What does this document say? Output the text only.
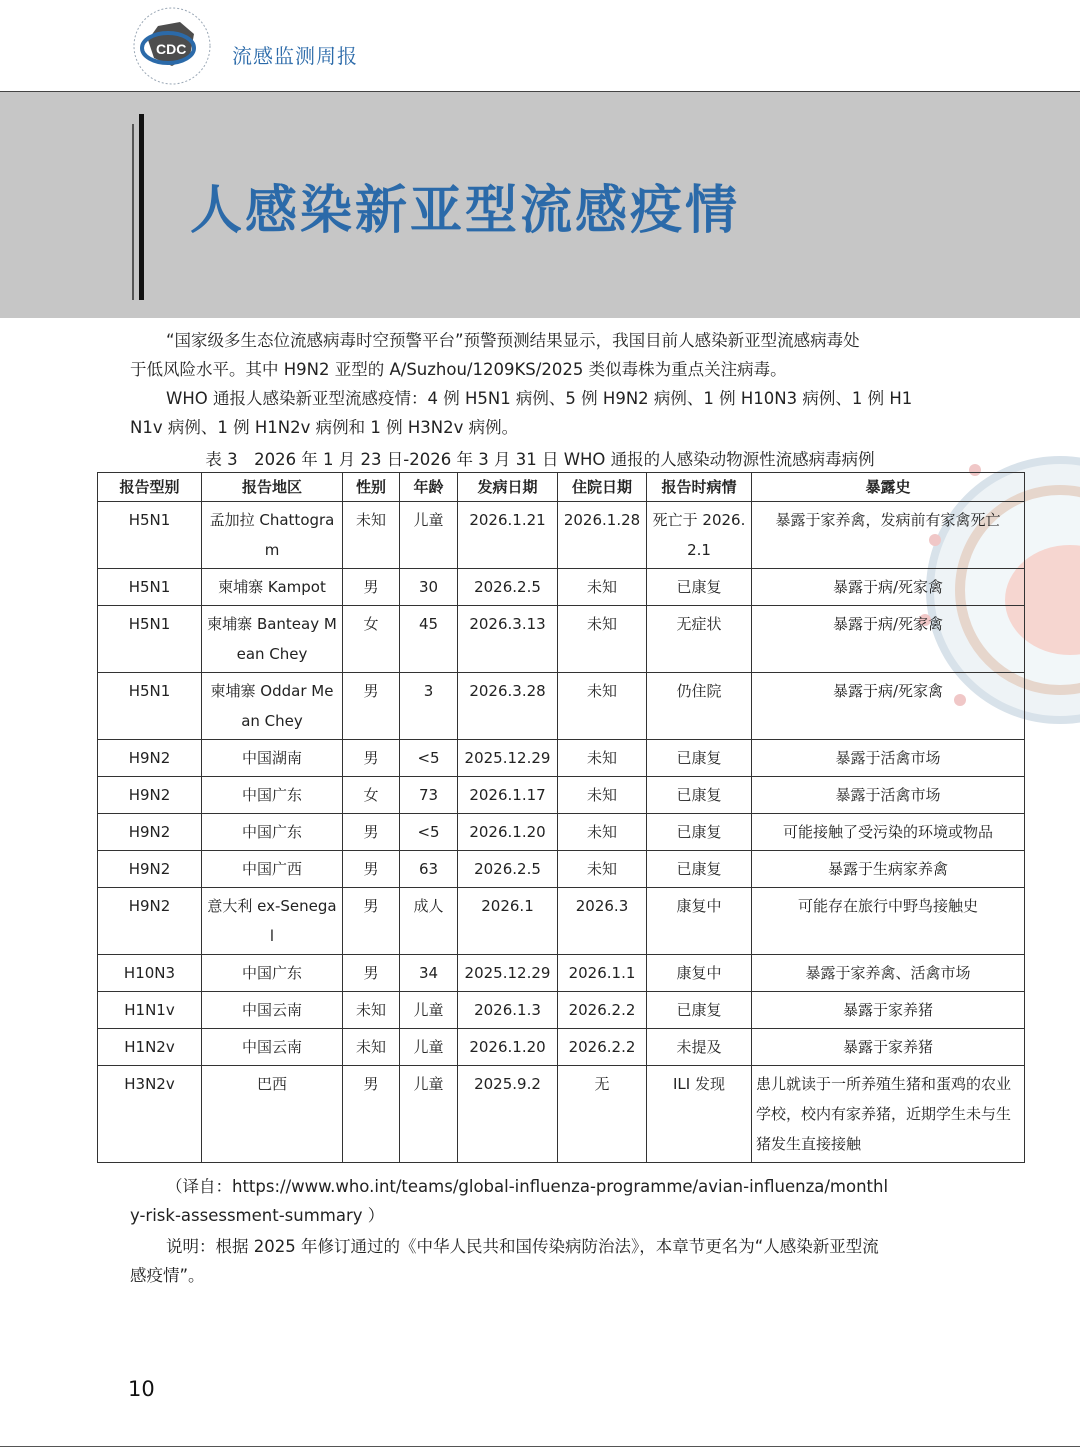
CDC 流感监测周报
人感染新亚型流感疫情
“国家级多生态位流感病毒时空预警平台”预警预测结果显示，我国目前人感染新亚型流感病毒处
于低风险水平。其中 H9N2 亚型的 A/Suzhou/1209KS/2025 类似毒株为重点关注病毒。
WHO 通报人感染新亚型流感疫情：4 例 H5N1 病例、5 例 H9N2 病例、1 例 H10N3 病例、1 例 H1
N1v 病例、1 例 H1N2v 病例和 1 例 H3N2v 病例。
表 3　2026 年 1 月 23 日-2026 年 3 月 31 日 WHO 通报的人感染动物源性流感病毒病例
报告型别	报告地区	性别	年龄	发病日期	住院日期	报告时病情	暴露史
H5N1	孟加拉 Chattogram	未知	儿童	2026.1.21	2026.1.28	死亡于 2026.2.1	暴露于家养禽，发病前有家禽死亡
H5N1	柬埔寨 Kampot	男	30	2026.2.5	未知	已康复	暴露于病/死家禽
H5N1	柬埔寨 Banteay Mean Chey	女	45	2026.3.13	未知	无症状	暴露于病/死家禽
H5N1	柬埔寨 Oddar Mean Chey	男	3	2026.3.28	未知	仍住院	暴露于病/死家禽
H9N2	中国湖南	男	<5	2025.12.29	未知	已康复	暴露于活禽市场
H9N2	中国广东	女	73	2026.1.17	未知	已康复	暴露于活禽市场
H9N2	中国广东	男	<5	2026.1.20	未知	已康复	可能接触了受污染的环境或物品
H9N2	中国广西	男	63	2026.2.5	未知	已康复	暴露于生病家养禽
H9N2	意大利 ex-Senegal	男	成人	2026.1	2026.3	康复中	可能存在旅行中野鸟接触史
H10N3	中国广东	男	34	2025.12.29	2026.1.1	康复中	暴露于家养禽、活禽市场
H1N1v	中国云南	未知	儿童	2026.1.3	2026.2.2	已康复	暴露于家养猪
H1N2v	中国云南	未知	儿童	2026.1.20	2026.2.2	未提及	暴露于家养猪
H3N2v	巴西	男	儿童	2025.9.2	无	ILI 发现	患儿就读于一所养殖生猪和蛋鸡的农业学校，校内有家养猪，近期学生未与生猪发生直接接触
（译自：https://www.who.int/teams/global-influenza-programme/avian-influenza/monthl
y-risk-assessment-summary ）
说明：根据 2025 年修订通过的《中华人民共和国传染病防治法》，本章节更名为“人感染新亚型流
感疫情”。
10
